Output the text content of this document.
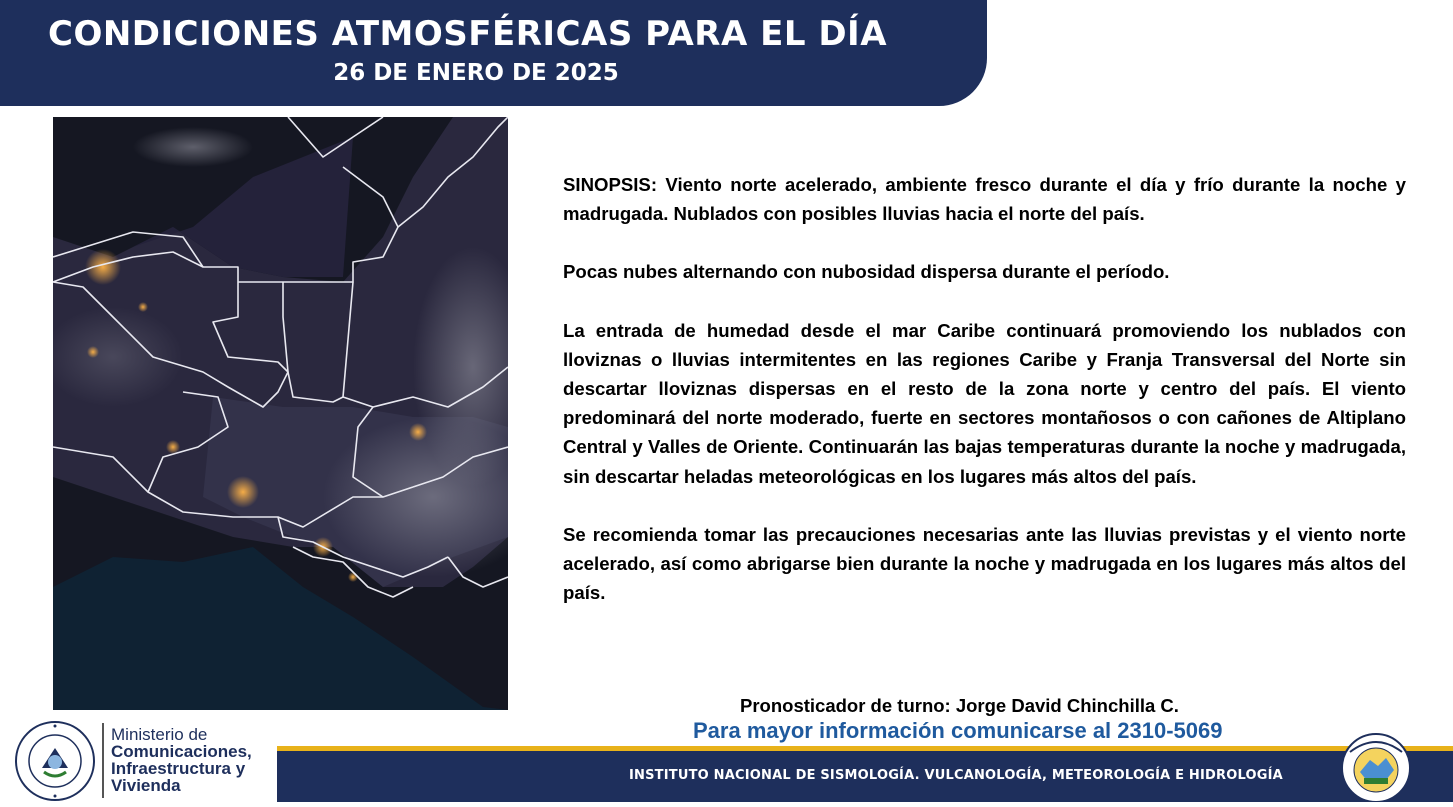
CONDICIONES ATMOSFÉRICAS PARA EL DÍA
26 DE ENERO DE 2025

SINOPSIS: Viento norte acelerado, ambiente fresco durante el día y frío durante la noche y madrugada. Nublados con posibles lluvias hacia el norte del país.

Pocas nubes alternando con nubosidad dispersa durante el período.

La entrada de humedad desde el mar Caribe continuará promoviendo los nublados con lloviznas o lluvias intermitentes en las regiones Caribe y Franja Transversal del Norte sin descartar lloviznas dispersas en el resto de la zona norte y centro del país. El viento predominará del norte moderado, fuerte en sectores montañosos o con cañones de Altiplano Central y Valles de Oriente. Continuarán las bajas temperaturas durante la noche y madrugada, sin descartar heladas meteorológicas en los lugares más altos del país.

Se recomienda tomar las precauciones necesarias ante las lluvias previstas y el viento norte acelerado, así como abrigarse bien durante la noche y madrugada en los lugares más altos del país.

Pronosticador de turno: Jorge David Chinchilla C.
Para mayor información comunicarse al 2310-5069
INSTITUTO NACIONAL DE SISMOLOGÍA. VULCANOLOGÍA, METEOROLOGÍA E HIDROLOGÍA
Ministerio de
Comunicaciones,
Infraestructura y
Vivienda
